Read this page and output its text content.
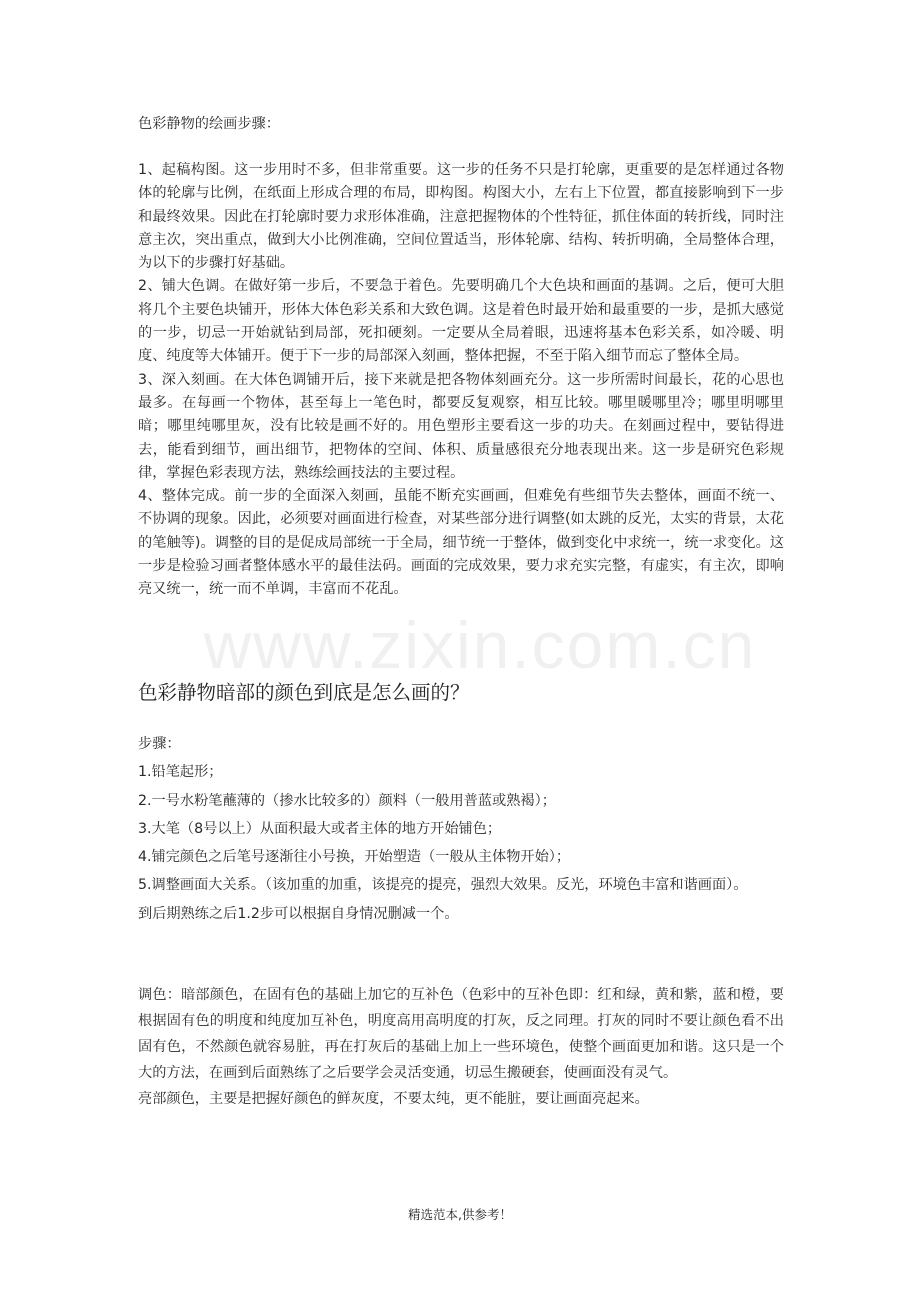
www.zixin.com.cn

色彩静物的绘画步骤：

1、起稿构图。这一步用时不多，但非常重要。这一步的任务不只是打轮廓，更重要的是怎样通过各物体的轮廓与比例，在纸面上形成合理的布局，即构图。构图大小，左右上下位置，都直接影响到下一步和最终效果。因此在打轮廓时要力求形体准确，注意把握物体的个性特征，抓住体面的转折线，同时注意主次，突出重点，做到大小比例准确，空间位置适当，形体轮廓、结构、转折明确，全局整体合理，为以下的步骤打好基础。

2、铺大色调。在做好第一步后，不要急于着色。先要明确几个大色块和画面的基调。之后，便可大胆将几个主要色块铺开，形体大体色彩关系和大致色调。这是着色时最开始和最重要的一步，是抓大感觉的一步，切忌一开始就钻到局部，死扣硬刻。一定要从全局着眼，迅速将基本色彩关系，如冷暖、明度、纯度等大体铺开。便于下一步的局部深入刻画，整体把握，不至于陷入细节而忘了整体全局。

3、深入刻画。在大体色调铺开后，接下来就是把各物体刻画充分。这一步所需时间最长，花的心思也最多。在每画一个物体，甚至每上一笔色时，都要反复观察，相互比较。哪里暖哪里冷；哪里明哪里暗；哪里纯哪里灰，没有比较是画不好的。用色塑形主要看这一步的功夫。在刻画过程中，要钻得进去，能看到细节，画出细节，把物体的空间、体积、质量感很充分地表现出来。这一步是研究色彩规律，掌握色彩表现方法，熟练绘画技法的主要过程。

4、整体完成。前一步的全面深入刻画，虽能不断充实画画，但难免有些细节失去整体，画面不统一、不协调的现象。因此，必须要对画面进行检查，对某些部分进行调整(如太跳的反光，太实的背景，太花的笔触等)。调整的目的是促成局部统一于全局，细节统一于整体，做到变化中求统一，统一求变化。这一步是检验习画者整体感水平的最佳法码。画面的完成效果，要力求充实完整，有虚实，有主次，即响亮又统一，统一而不单调，丰富而不花乱。

色彩静物暗部的颜色到底是怎么画的？

步骤：

1.铅笔起形；

2.一号水粉笔蘸薄的（掺水比较多的）颜料（一般用普蓝或熟褐）；

3.大笔（8号以上）从面积最大或者主体的地方开始铺色；

4.铺完颜色之后笔号逐渐往小号换，开始塑造（一般从主体物开始）；

5.调整画面大关系。（该加重的加重，该提亮的提亮，强烈大效果。反光，环境色丰富和谐画面）。

到后期熟练之后1.2步可以根据自身情况删减一个。

调色：暗部颜色，在固有色的基础上加它的互补色（色彩中的互补色即：红和绿，黄和紫，蓝和橙，要根据固有色的明度和纯度加互补色，明度高用高明度的打灰，反之同理。打灰的同时不要让颜色看不出固有色，不然颜色就容易脏，再在打灰后的基础上加上一些环境色，使整个画面更加和谐。这只是一个大的方法，在画到后面熟练了之后要学会灵活变通，切忌生搬硬套，使画面没有灵气。

亮部颜色，主要是把握好颜色的鲜灰度，不要太纯，更不能脏，要让画面亮起来。

精选范本,供参考！
